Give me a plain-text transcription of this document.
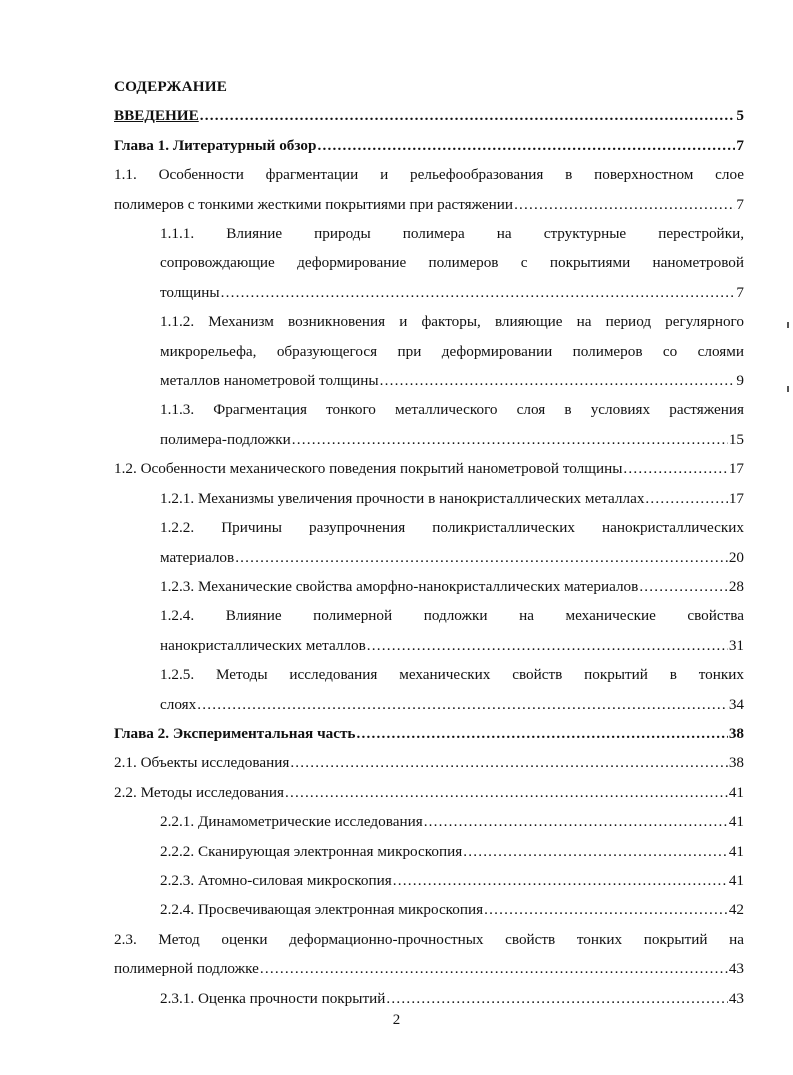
СОДЕРЖАНИЕ
ВВЕДЕНИЕ .....	5
Глава 1. Литературный обзор .....	7
1.1. Особенности фрагментации и рельефообразования в поверхностном слое
полимеров с тонкими жесткими покрытиями при растяжении .....	7
1.1.1. Влияние природы полимера на структурные перестройки,
сопровождающие деформирование полимеров с покрытиями нанометровой
толщины .....	7
1.1.2. Механизм возникновения и факторы, влияющие на период регулярного
микрорельефа, образующегося при деформировании полимеров со слоями
металлов нанометровой толщины .....	9
1.1.3. Фрагментация тонкого металлического слоя в условиях растяжения
полимера-подложки .....	15
1.2. Особенности механического поведения покрытий нанометровой толщины .....	17
1.2.1. Механизмы увеличения прочности в нанокристаллических металлах .....	17
1.2.2. Причины разупрочнения поликристаллических нанокристаллических
материалов .....	20
1.2.3. Механические свойства аморфно-нанокристаллических материалов .....	28
1.2.4. Влияние полимерной подложки на механические свойства
нанокристаллических металлов .....	31
1.2.5. Методы исследования механических свойств покрытий в тонких
слоях .....	34
Глава 2. Экспериментальная часть .....	38
2.1. Объекты исследования .....	38
2.2. Методы исследования .....	41
2.2.1. Динамометрические исследования .....	41
2.2.2. Сканирующая электронная микроскопия .....	41
2.2.3. Атомно-силовая микроскопия .....	41
2.2.4. Просвечивающая электронная микроскопия .....	42
2.3. Метод оценки деформационно-прочностных свойств тонких покрытий на
полимерной подложке .....	43
2.3.1. Оценка прочности покрытий .....	43
2
